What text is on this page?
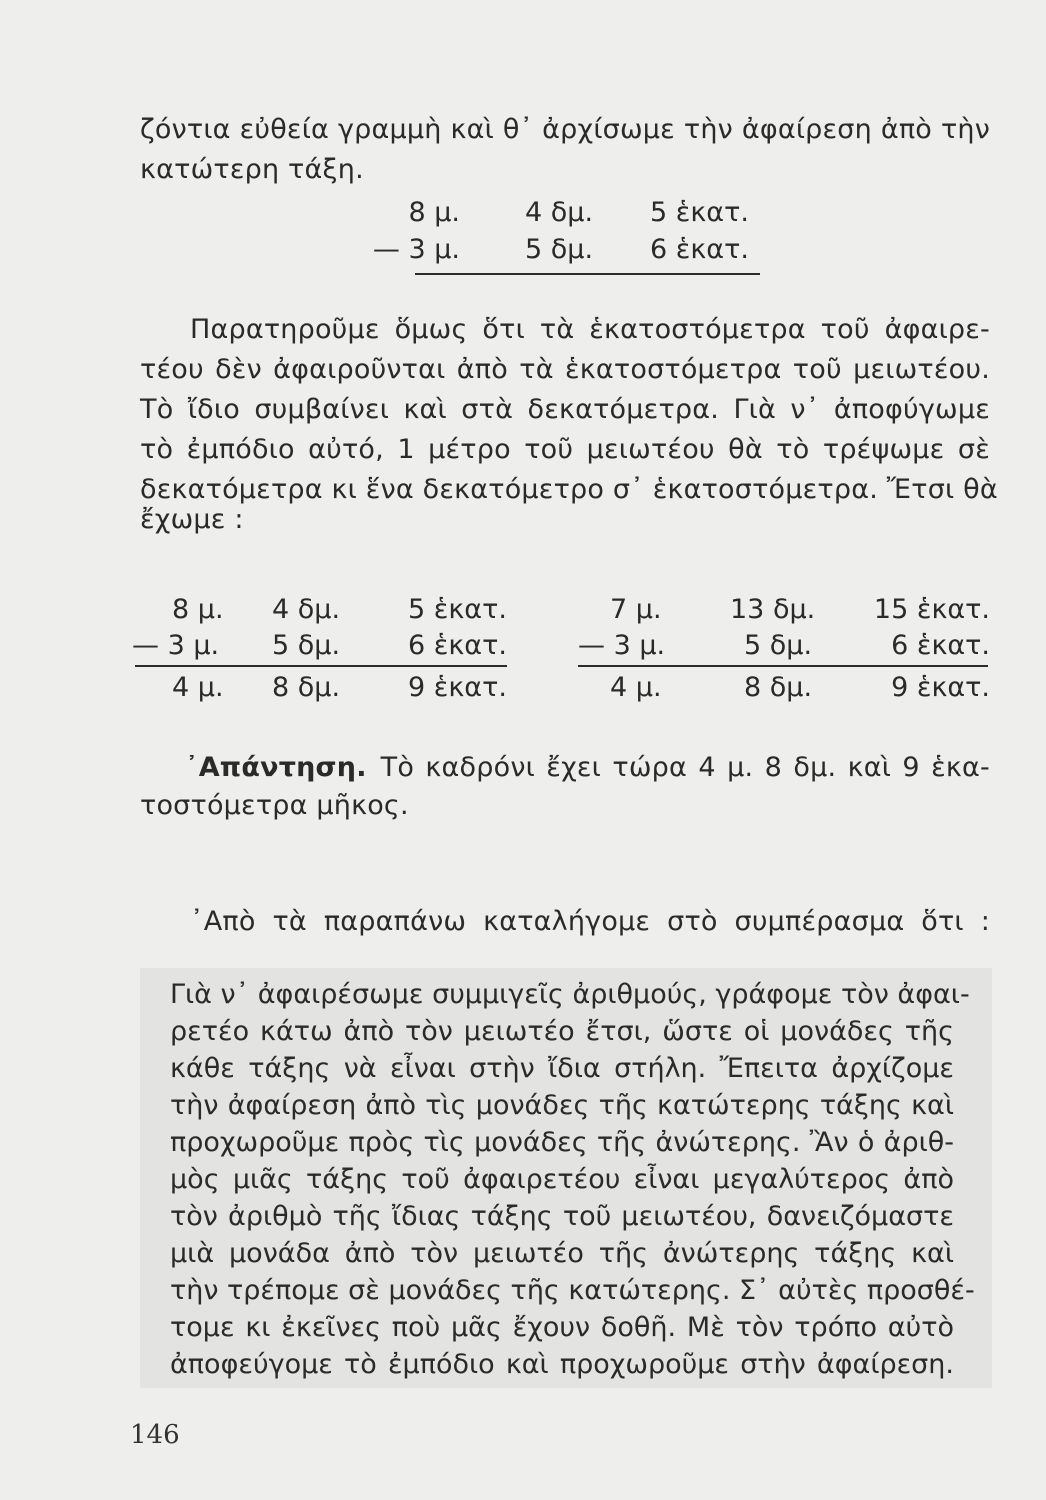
ζόντια εὐθεία γραμμὴ καὶ θ᾽ ἀρχίσωμε τὴν ἀφαίρεση ἀπὸ τὴν
κατώτερη τάξη.
8 μ. 4 δμ. 5 ἑκατ.
— 3 μ. 5 δμ. 6 ἑκατ.
Παρατηροῦμε ὅμως ὅτι τὰ ἑκατοστόμετρα τοῦ ἀφαιρε-
τέου δὲν ἀφαιροῦνται ἀπὸ τὰ ἑκατοστόμετρα τοῦ μειωτέου.
Τὸ ἴδιο συμβαίνει καὶ στὰ δεκατόμετρα. Γιὰ ν᾽ ἀποφύγωμε
τὸ ἐμπόδιο αὐτό, 1 μέτρο τοῦ μειωτέου θὰ τὸ τρέψωμε σὲ
δεκατόμετρα κι ἕνα δεκατόμετρο σ᾽ ἑκατοστόμετρα. Ἔτσι θὰ
ἔχωμε :
8 μ. 4 δμ.	5 ἑκατ.
— 3 μ. 5 δμ.	6 ἑκατ.
4 μ. 8 δμ.	9 ἑκατ.
7 μ.	13 δμ.	15 ἑκατ.
— 3 μ.	5 δμ.	6 ἑκατ.
4 μ.	8 δμ.	9 ἑκατ.
᾽Απάντηση. Τὸ καδρόνι ἔχει τώρα 4 μ. 8 δμ. καὶ 9 ἑκα-
τοστόμετρα μῆκος.
᾽Απὸ τὰ παραπάνω καταλήγομε στὸ συμπέρασμα ὅτι :
Γιὰ ν᾽ ἀφαιρέσωμε συμμιγεῖς ἀριθμούς, γράφομε τὸν ἀφαι-
ρετέο κάτω ἀπὸ τὸν μειωτέο ἔτσι, ὥστε οἱ μονάδες τῆς
κάθε τάξης νὰ εἶναι στὴν ἴδια στήλη. Ἔπειτα ἀρχίζομε
τὴν ἀφαίρεση ἀπὸ τὶς μονάδες τῆς κατώτερης τάξης καὶ
προχωροῦμε πρὸς τὶς μονάδες τῆς ἀνώτερης. Ἂν ὁ ἀριθ-
μὸς μιᾶς τάξης τοῦ ἀφαιρετέου εἶναι μεγαλύτερος ἀπὸ
τὸν ἀριθμὸ τῆς ἴδιας τάξης τοῦ μειωτέου, δανειζόμαστε
μιὰ μονάδα ἀπὸ τὸν μειωτέο τῆς ἀνώτερης τάξης καὶ
τὴν τρέπομε σὲ μονάδες τῆς κατώτερης. Σ᾽ αὐτὲς προσθέ-
τομε κι ἐκεῖνες ποὺ μᾶς ἔχουν δοθῆ. Μὲ τὸν τρόπο αὐτὸ
ἀποφεύγομε τὸ ἐμπόδιο καὶ προχωροῦμε στὴν ἀφαίρεση.
146
